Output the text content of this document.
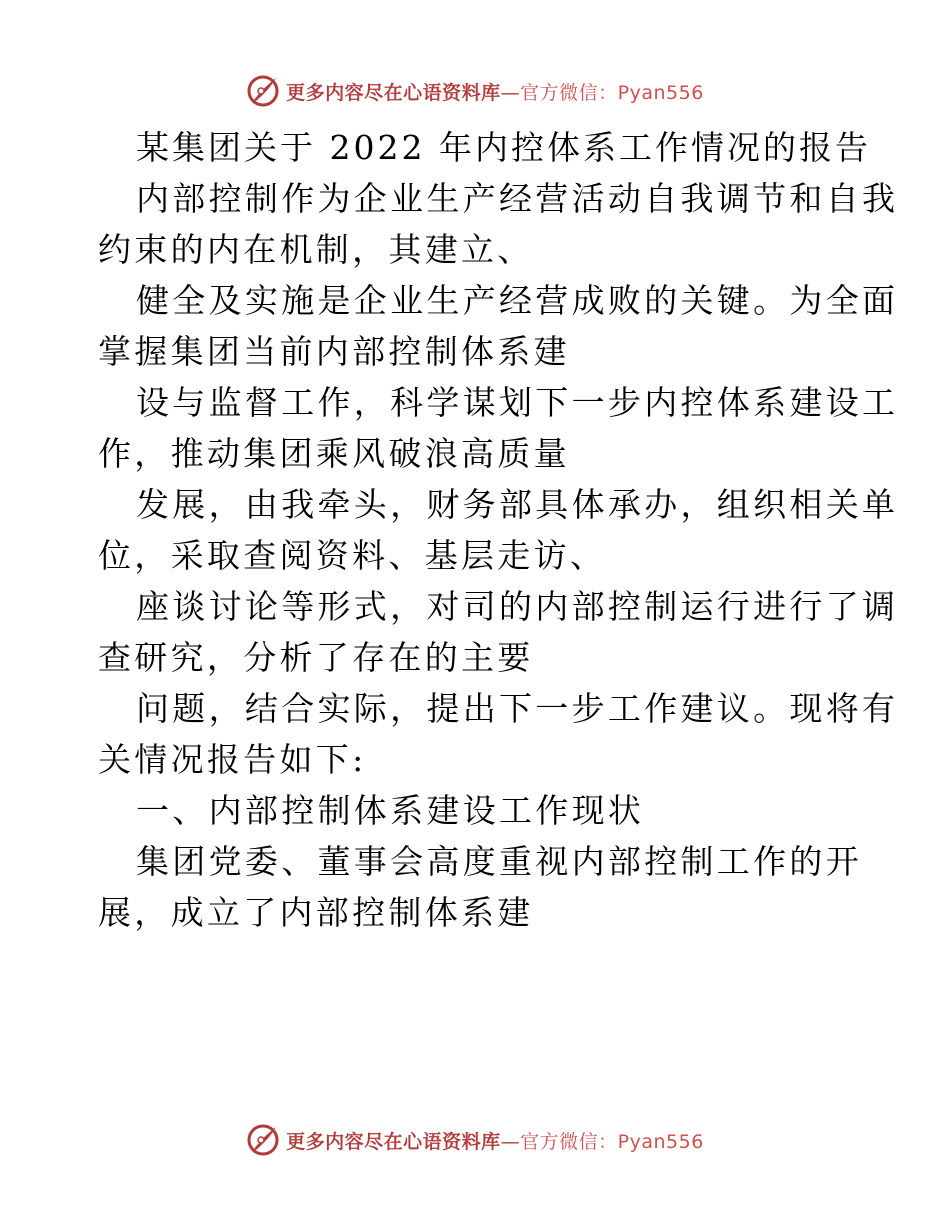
更多内容尽在心语资料库—官方微信：Pyan556
某集团关于 2022 年内控体系工作情况的报告
内部控制作为企业生产经营活动自我调节和自我
约束的内在机制，其建立、
健全及实施是企业生产经营成败的关键。为全面
掌握集团当前内部控制体系建
设与监督工作，科学谋划下一步内控体系建设工
作，推动集团乘风破浪高质量
发展，由我牵头，财务部具体承办，组织相关单
位，采取查阅资料、基层走访、
座谈讨论等形式，对司的内部控制运行进行了调
查研究，分析了存在的主要
问题，结合实际，提出下一步工作建议。现将有
关情况报告如下:
一、内部控制体系建设工作现状
集团党委、董事会高度重视内部控制工作的开
展，成立了内部控制体系建
更多内容尽在心语资料库—官方微信：Pyan556
